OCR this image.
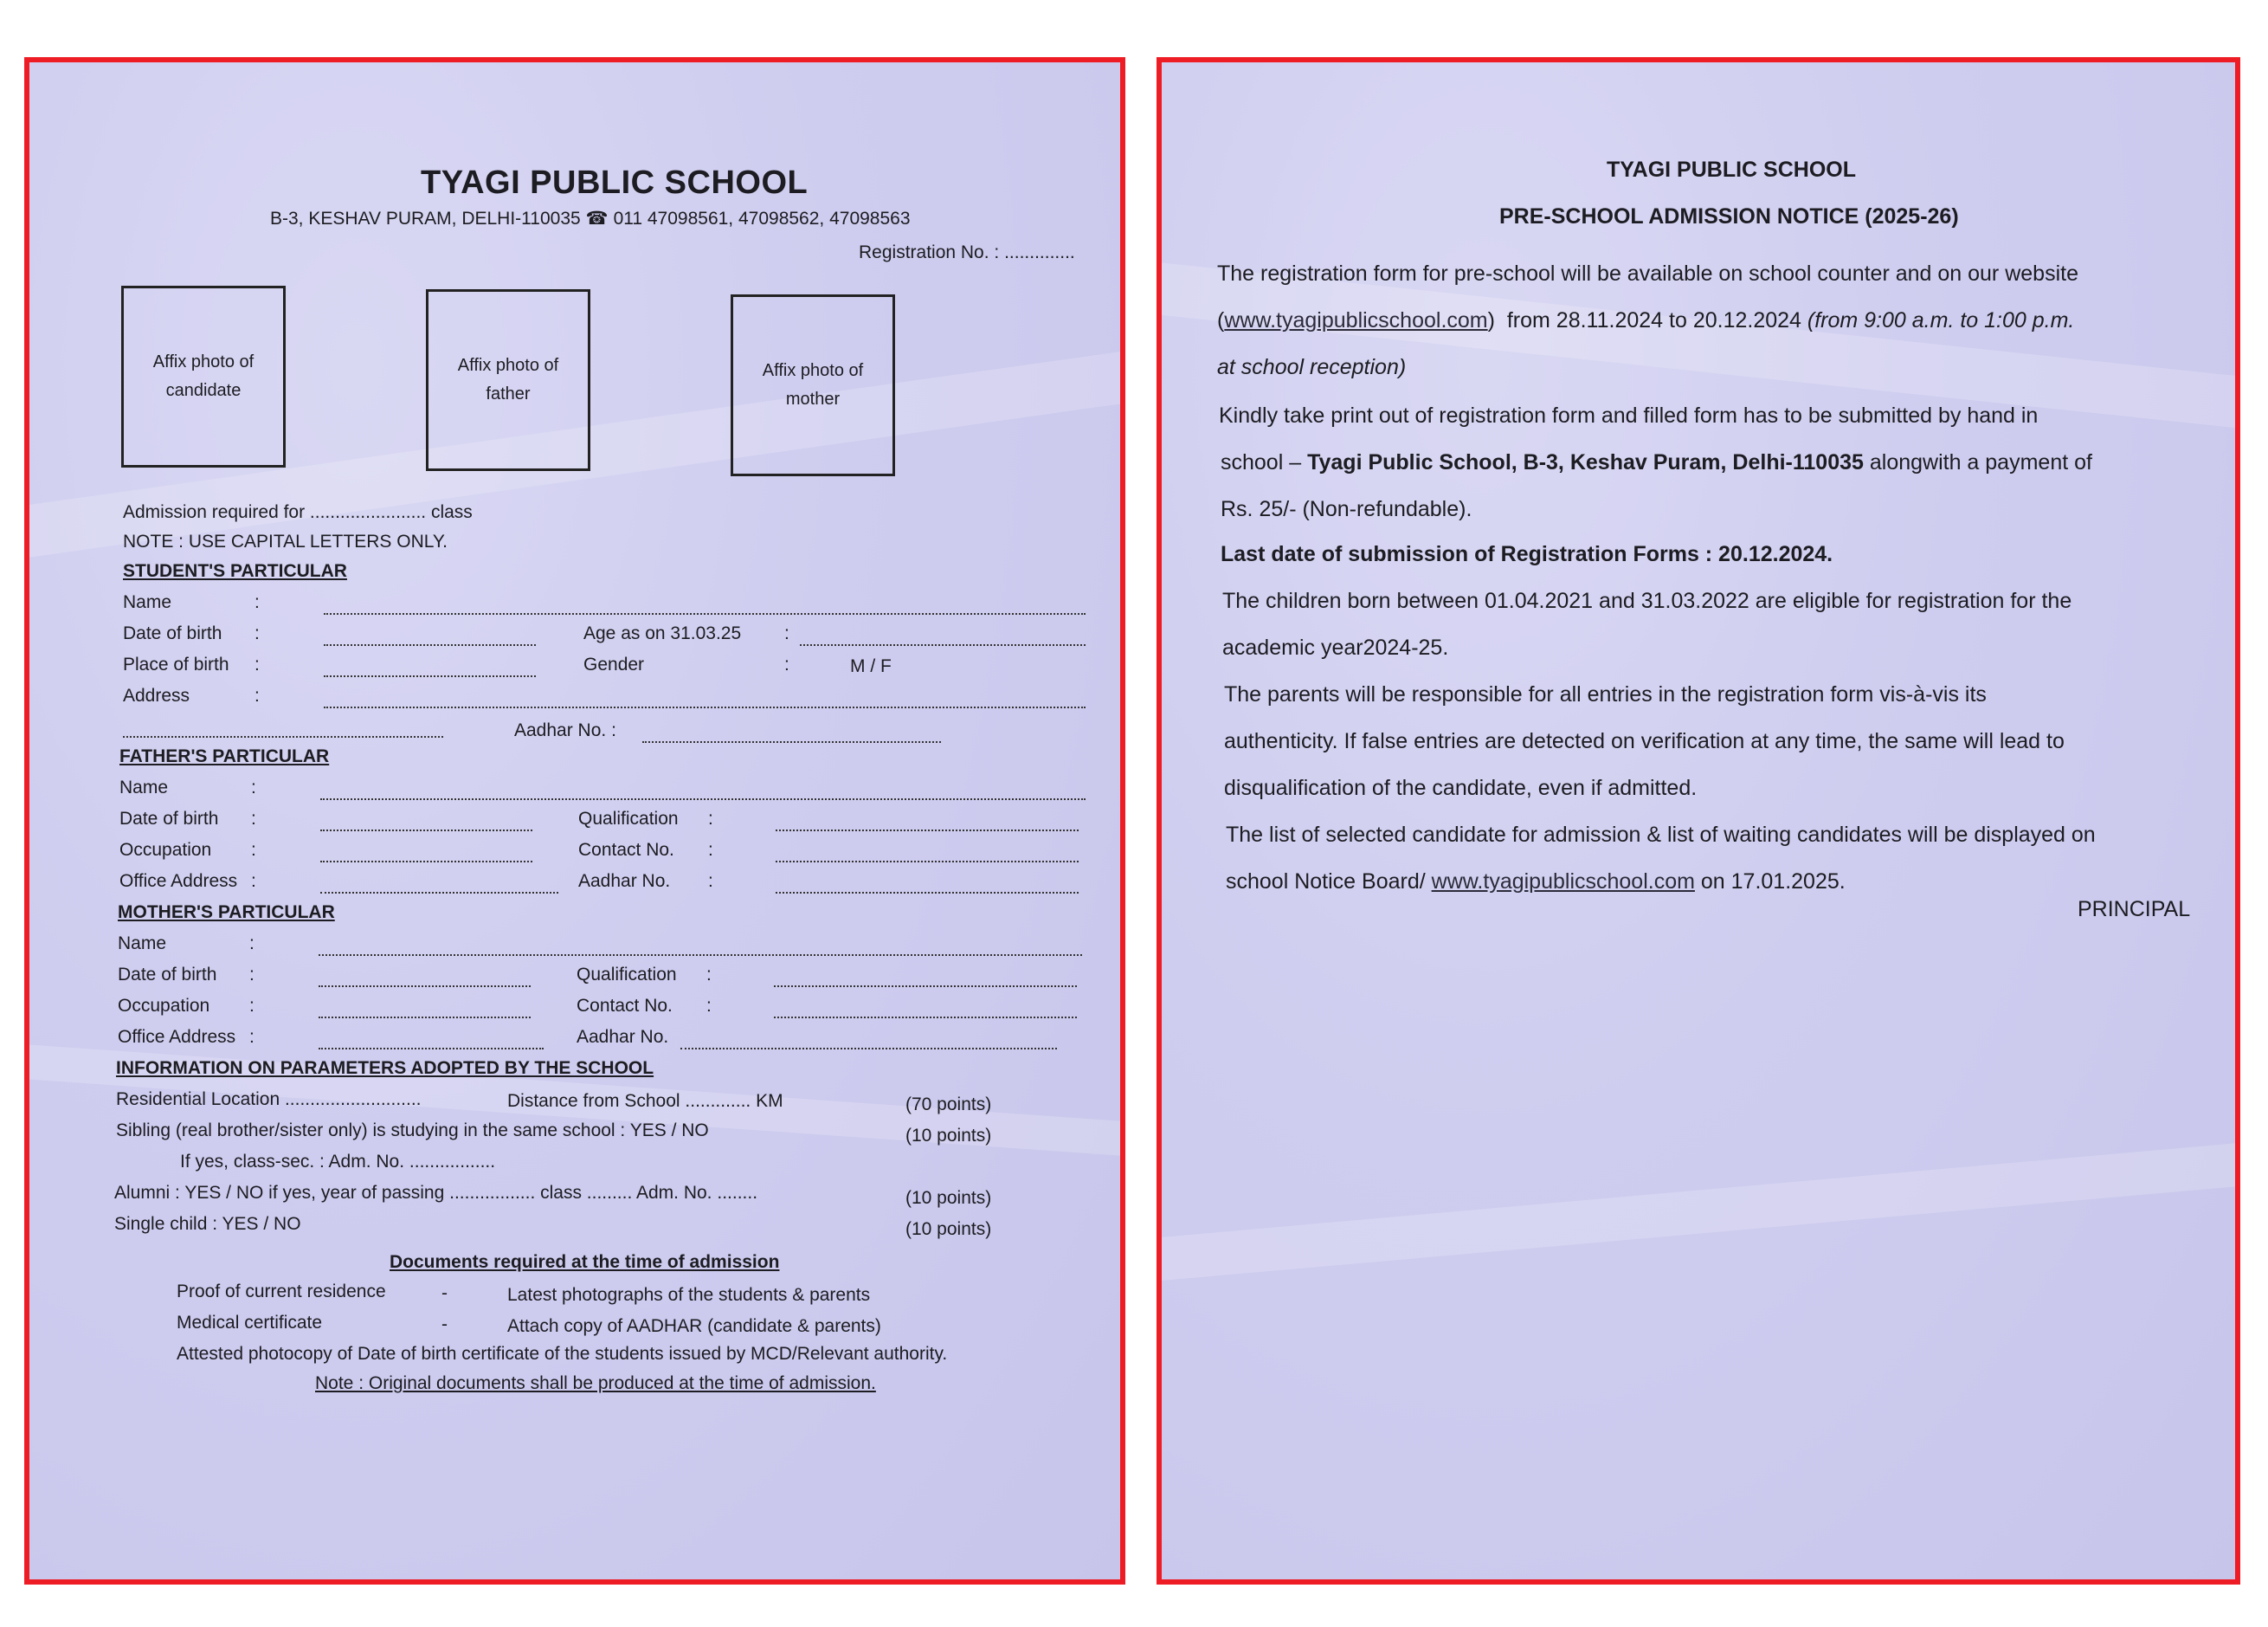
TYAGI PUBLIC SCHOOL
B-3, KESHAV PURAM, DELHI-110035 ☎ 011 47098561, 47098562, 47098563
Registration No. : ..............
Affix photo of
candidate
Affix photo of
father
Affix photo of
mother
Admission required for ....................... class
NOTE : USE CAPITAL LETTERS ONLY.
STUDENT'S PARTICULAR
Name	:
Date of birth :	Age as on 31.03.25 :
Place of birth :	Gender	:	M / F
Address	:
Aadhar No. :
FATHER'S PARTICULAR
Name	:
Date of birth :	Qualification :
Occupation :	Contact No. :
Office Address :	Aadhar No. :
MOTHER'S PARTICULAR
Name	:
Date of birth :	Qualification :
Occupation :	Contact No. :
Office Address :	Aadhar No.
INFORMATION ON PARAMETERS ADOPTED BY THE SCHOOL
Residential Location ...........................	Distance from School ............. KM	(70 points)
Sibling (real brother/sister only) is studying in the same school : YES / NO	(10 points)
If yes, class-sec. : Adm. No. .................
Alumni : YES / NO if yes, year of passing ................. class ......... Adm. No. ........	(10 points)
Single child : YES / NO	(10 points)
Documents required at the time of admission
Proof of current residence	-	Latest photographs of the students & parents
Medical certificate	-	Attach copy of AADHAR (candidate & parents)
Attested photocopy of Date of birth certificate of the students issued by MCD/Relevant authority.
Note : Original documents shall be produced at the time of admission.
TYAGI PUBLIC SCHOOL
PRE-SCHOOL ADMISSION NOTICE (2025-26)
The registration form for pre-school will be available on school counter and on our website
(www.tyagipublicschool.com) from 28.11.2024 to 20.12.2024 (from 9:00 a.m. to 1:00 p.m.
at school reception)
Kindly take print out of registration form and filled form has to be submitted by hand in
school – Tyagi Public School, B-3, Keshav Puram, Delhi-110035 alongwith a payment of
Rs. 25/- (Non-refundable).
Last date of submission of Registration Forms : 20.12.2024.
The children born between 01.04.2021 and 31.03.2022 are eligible for registration for the
academic year2024-25.
The parents will be responsible for all entries in the registration form vis-à-vis its
authenticity. If false entries are detected on verification at any time, the same will lead to
disqualification of the candidate, even if admitted.
The list of selected candidate for admission & list of waiting candidates will be displayed on
school Notice Board/ www.tyagipublicschool.com on 17.01.2025.
PRINCIPAL
